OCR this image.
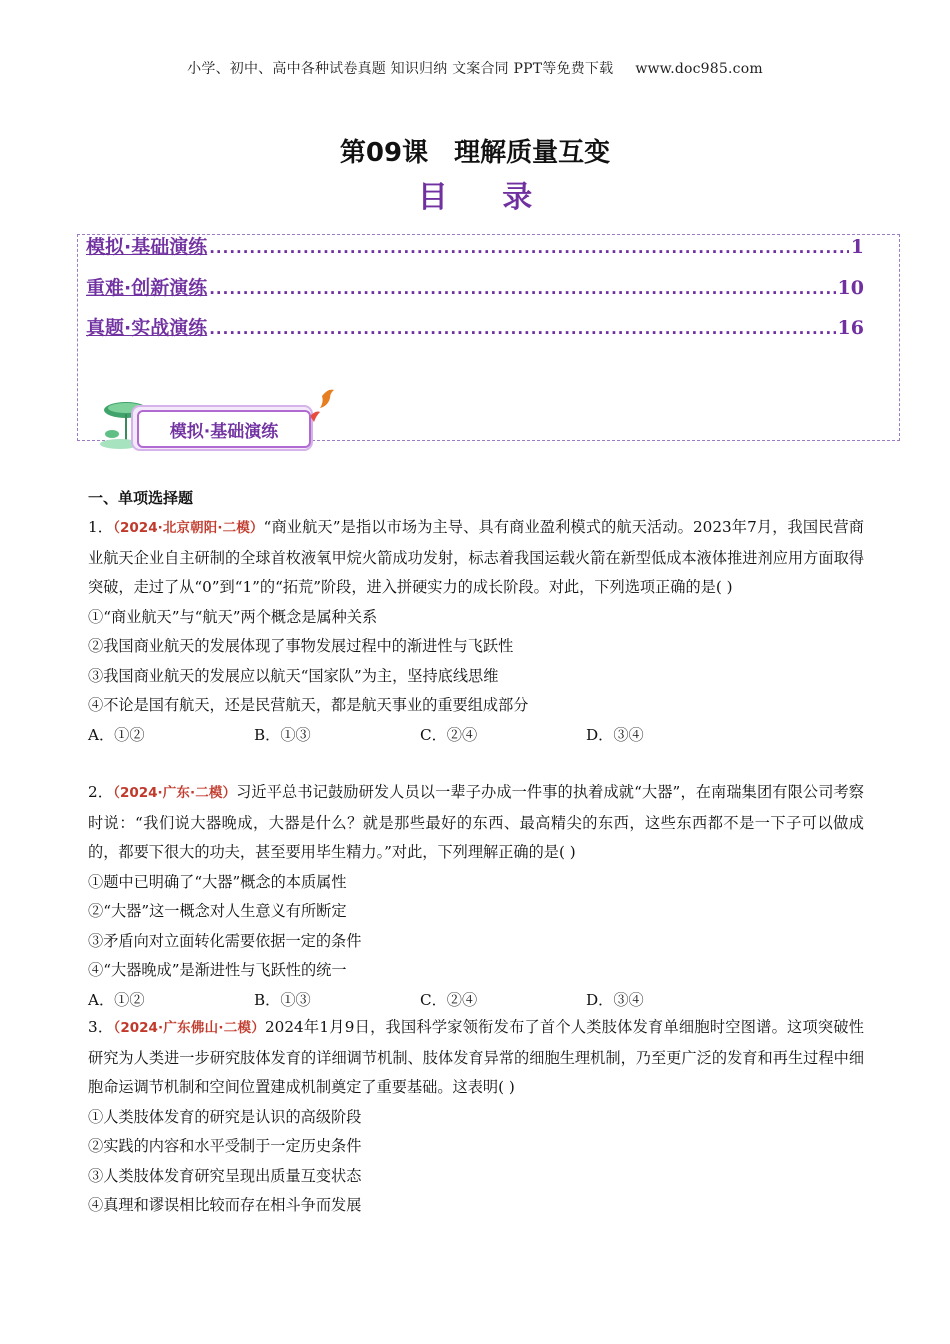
小学、初中、高中各种试卷真题 知识归纳 文案合同 PPT等免费下载 www.doc985.com
第09课 理解质量互变
目 录
模拟·基础演练 .....	1
重难·创新演练 .....	10
真题·实战演练 .....	16
模拟·基础演练
一、单项选择题

1．（2024·北京朝阳·二模）“商业航天”是指以市场为主导、具有商业盈利模式的航天活动。2023年7月，我国民营商业航天企业自主研制的全球首枚液氧甲烷火箭成功发射，标志着我国运载火箭在新型低成本液体推进剂应用方面取得突破，走过了从“0”到“1”的“拓荒”阶段，进入拼硬实力的成长阶段。对此，下列选项正确的是( )

①“商业航天”与“航天”两个概念是属种关系

②我国商业航天的发展体现了事物发展过程中的渐进性与飞跃性

③我国商业航天的发展应以航天“国家队”为主，坚持底线思维

④不论是国有航天，还是民营航天，都是航天事业的重要组成部分

A．①②	B．①③	C．②④	D．③④

2．（2024·广东·二模）习近平总书记鼓励研发人员以一辈子办成一件事的执着成就“大器”，在南瑞集团有限公司考察时说：“我们说大器晚成，大器是什么？就是那些最好的东西、最高精尖的东西，这些东西都不是一下子可以做成的，都要下很大的功夫，甚至要用毕生精力。”对此，下列理解正确的是( )

①题中已明确了“大器”概念的本质属性

②“大器”这一概念对人生意义有所断定

③矛盾向对立面转化需要依据一定的条件

④“大器晚成”是渐进性与飞跃性的统一

A．①②	B．①③	C．②④	D．③④

3．（2024·广东佛山·二模）2024年1月9日，我国科学家领衔发布了首个人类肢体发育单细胞时空图谱。这项突破性研究为人类进一步研究肢体发育的详细调节机制、肢体发育异常的细胞生理机制，乃至更广泛的发育和再生过程中细胞命运调节机制和空间位置建成机制奠定了重要基础。这表明( )

①人类肢体发育的研究是认识的高级阶段

②实践的内容和水平受制于一定历史条件

③人类肢体发育研究呈现出质量互变状态

④真理和谬误相比较而存在相斗争而发展
